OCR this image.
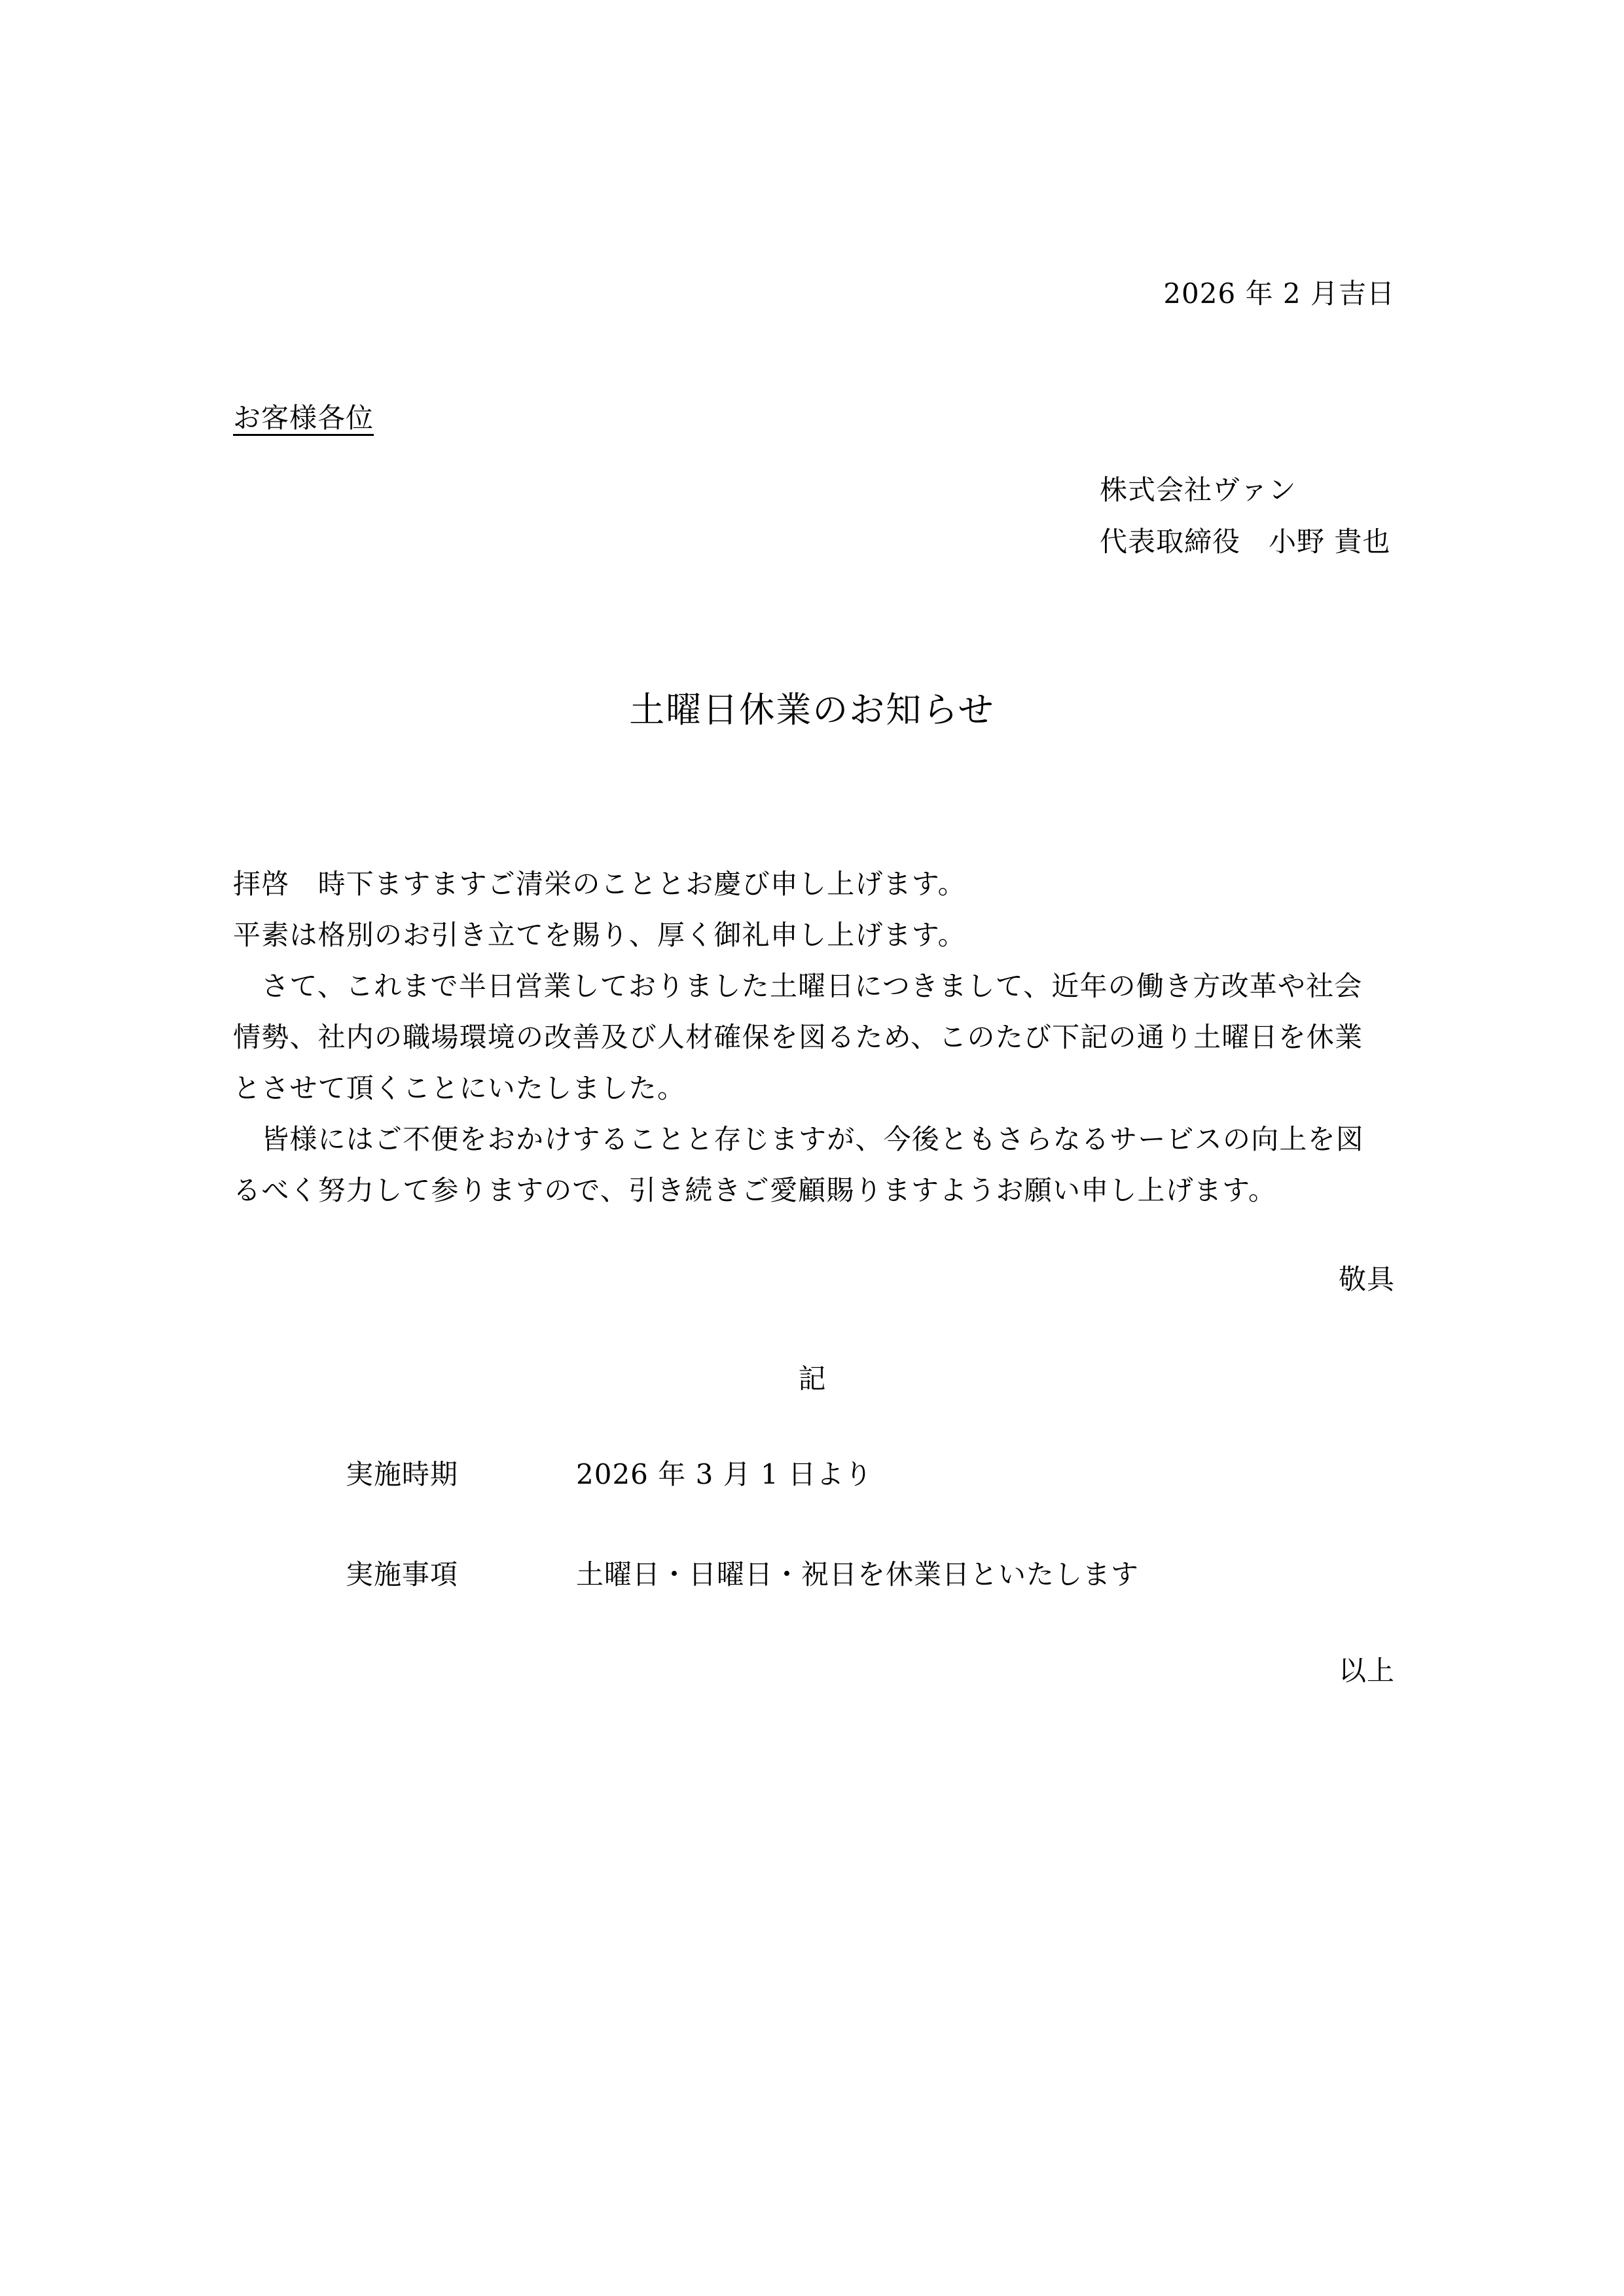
2026 年 2 月吉日
お客様各位
株式会社ヴァン
代表取締役　小野 貴也
土曜日休業のお知らせ
拝啓　時下ますますご清栄のこととお慶び申し上げます。
平素は格別のお引き立てを賜り、厚く御礼申し上げます。
　さて、これまで半日営業しておりました土曜日につきまして、近年の働き方改革や社会
情勢、社内の職場環境の改善及び人材確保を図るため、このたび下記の通り土曜日を休業
とさせて頂くことにいたしました。
　皆様にはご不便をおかけすることと存じますが、今後ともさらなるサービスの向上を図
るべく努力して参りますので、引き続きご愛顧賜りますようお願い申し上げます。
敬具
記
実施時期	2026 年 3 月 1 日より
実施事項	土曜日・日曜日・祝日を休業日といたします
以上
